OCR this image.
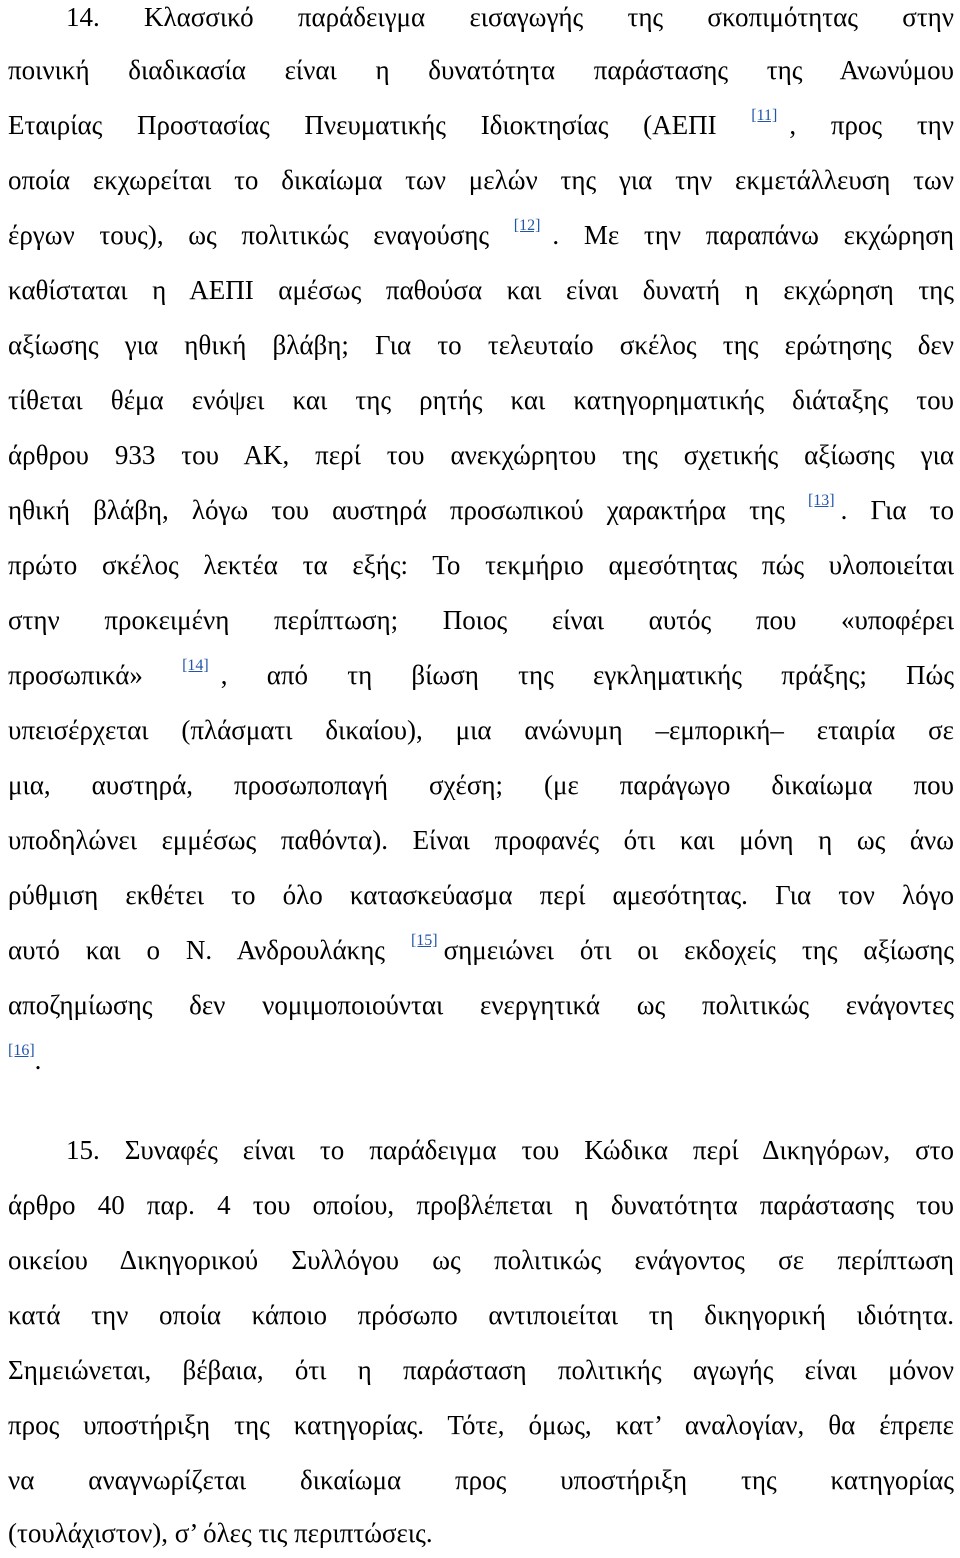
14. Κλασσικό παράδειγμα εισαγωγής της σκοπιμότητας στην
ποινική διαδικασία είναι η δυνατότητα παράστασης της Ανωνύμου
Εταιρίας Προστασίας Πνευματικής Ιδιοκτησίας (ΑΕΠΙ [11] , προς την
οποία εκχωρείται το δικαίωμα των μελών της για την εκμετάλλευση των
έργων τους), ως πολιτικώς εναγούσης [12] . Με την παραπάνω εκχώρηση
καθίσταται η ΑΕΠΙ αμέσως παθούσα και είναι δυνατή η εκχώρηση της
αξίωσης για ηθική βλάβη; Για το τελευταίο σκέλος της ερώτησης δεν
τίθεται θέμα ενόψει και της ρητής και κατηγορηματικής διάταξης του
άρθρου 933 του ΑΚ, περί του ανεκχώρητου της σχετικής αξίωσης για
ηθική βλάβη, λόγω του αυστηρά προσωπικού χαρακτήρα της [13] . Για το
πρώτο σκέλος λεκτέα τα εξής: Το τεκμήριο αμεσότητας πώς υλοποιείται
στην προκειμένη περίπτωση; Ποιος είναι αυτός που «υποφέρει
προσωπικά» [14] , από τη βίωση της εγκληματικής πράξης; Πώς
υπεισέρχεται (πλάσματι δικαίου), μια ανώνυμη –εμπορική– εταιρία σε
μια, αυστηρά, προσωποπαγή σχέση; (με παράγωγο δικαίωμα που
υποδηλώνει εμμέσως παθόντα). Είναι προφανές ότι και μόνη η ως άνω
ρύθμιση εκθέτει το όλο κατασκεύασμα περί αμεσότητας. Για τον λόγο
αυτό και ο Ν. Ανδρουλάκης [15] σημειώνει ότι οι εκδοχείς της αξίωσης
αποζημίωσης δεν νομιμοποιούνται ενεργητικά ως πολιτικώς ενάγοντες
[16].
15. Συναφές είναι το παράδειγμα του Κώδικα περί Δικηγόρων, στο
άρθρο 40 παρ. 4 του οποίου, προβλέπεται η δυνατότητα παράστασης του
οικείου Δικηγορικού Συλλόγου ως πολιτικώς ενάγοντος σε περίπτωση
κατά την οποία κάποιο πρόσωπο αντιποιείται τη δικηγορική ιδιότητα.
Σημειώνεται, βέβαια, ότι η παράσταση πολιτικής αγωγής είναι μόνον
προς υποστήριξη της κατηγορίας. Τότε, όμως, κατ’ αναλογίαν, θα έπρεπε
να αναγνωρίζεται δικαίωμα προς υποστήριξη της κατηγορίας
(τουλάχιστον), σ’ όλες τις περιπτώσεις.
